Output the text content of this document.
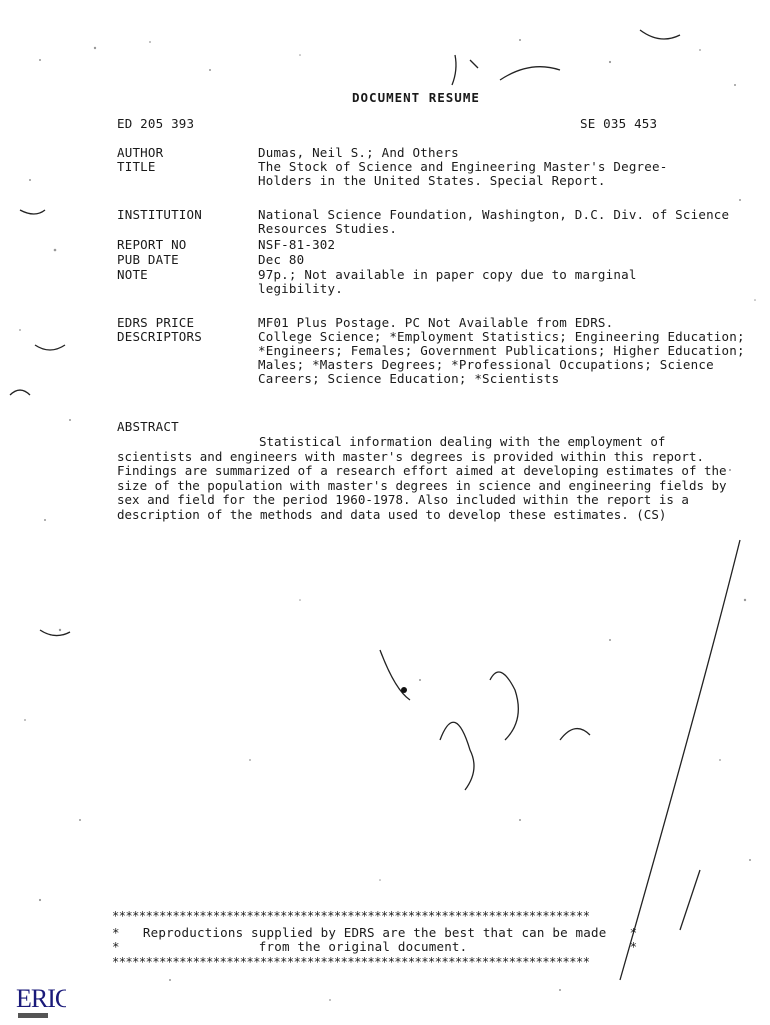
DOCUMENT RESUME
ED 205 393	SE 035 453
AUTHOR	Dumas, Neil S.; And Others
TITLE	The Stock of Science and Engineering Master's Degree-Holders in the United States. Special Report.
INSTITUTION	National Science Foundation, Washington, D.C. Div. of Science Resources Studies.
REPORT NO	NSF-81-302
PUB DATE	Dec 80
NOTE	97p.; Not available in paper copy due to marginal legibility.
EDRS PRICE	MF01 Plus Postage. PC Not Available from EDRS.
DESCRIPTORS	College Science; *Employment Statistics; Engineering Education; *Engineers; Females; Government Publications; Higher Education; Males; *Masters Degrees; *Professional Occupations; Science Careers; Science Education; *Scientists
ABSTRACT
Statistical information dealing with the employment of scientists and engineers with master's degrees is provided within this report. Findings are summarized of a research effort aimed at developing estimates of the size of the population with master's degrees in science and engineering fields by sex and field for the period 1960-1978. Also included within the report is a description of the methods and data used to develop these estimates. (CS)
***********************************************************************
*   Reproductions supplied by EDRS are the best that can be made   *
*                  from the original document.                     *
***********************************************************************
ERIC
